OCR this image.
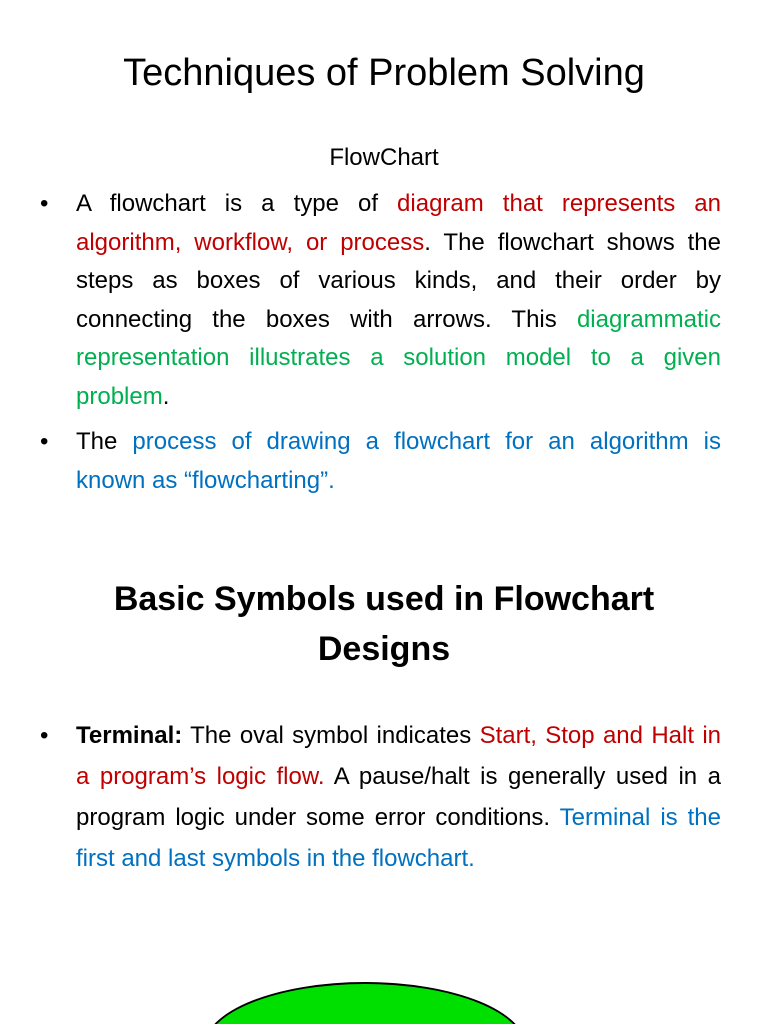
Techniques of Problem Solving
FlowChart

• A flowchart is a type of diagram that represents an algorithm, workflow, or process. The flowchart shows the steps as boxes of various kinds, and their order by connecting the boxes with arrows. This diagrammatic representation illustrates a solution model to a given problem.

• The process of drawing a flowchart for an algorithm is known as “flowcharting”.

Basic Symbols used in Flowchart Designs

• Terminal: The oval symbol indicates Start, Stop and Halt in a program’s logic flow. A pause/halt is generally used in a program logic under some error conditions. Terminal is the first and last symbols in the flowchart.
